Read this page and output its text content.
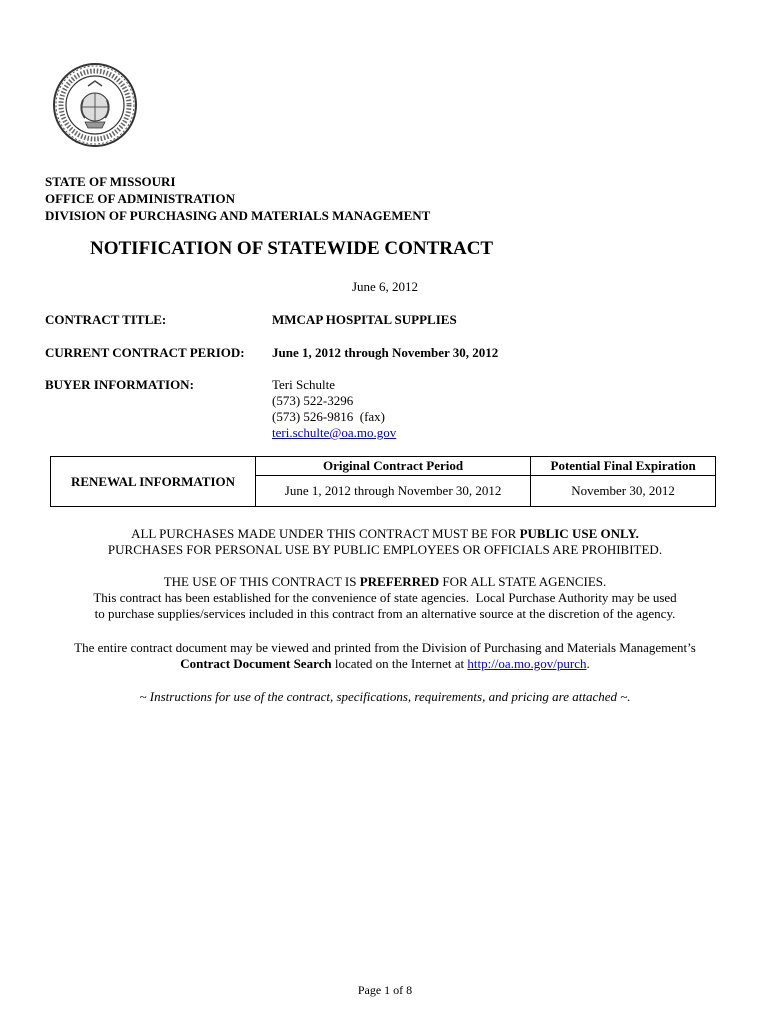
STATE OF MISSOURI
OFFICE OF ADMINISTRATION
DIVISION OF PURCHASING AND MATERIALS MANAGEMENT
NOTIFICATION OF STATEWIDE CONTRACT
June 6, 2012
CONTRACT TITLE:	MMCAP HOSPITAL SUPPLIES
CURRENT CONTRACT PERIOD: June 1, 2012 through November 30, 2012
BUYER INFORMATION:	Teri Schulte
(573) 522-3296
(573) 526-9816  (fax)
teri.schulte@oa.mo.gov
RENEWAL INFORMATION	Original Contract Period	Potential Final Expiration
	June 1, 2012 through November 30, 2012	November 30, 2012
ALL PURCHASES MADE UNDER THIS CONTRACT MUST BE FOR PUBLIC USE ONLY.
PURCHASES FOR PERSONAL USE BY PUBLIC EMPLOYEES OR OFFICIALS ARE PROHIBITED.
THE USE OF THIS CONTRACT IS PREFERRED FOR ALL STATE AGENCIES.
This contract has been established for the convenience of state agencies.  Local Purchase Authority may be used
to purchase supplies/services included in this contract from an alternative source at the discretion of the agency.
The entire contract document may be viewed and printed from the Division of Purchasing and Materials Management’s
Contract Document Search located on the Internet at http://oa.mo.gov/purch.
~ Instructions for use of the contract, specifications, requirements, and pricing are attached ~.
Page 1 of 8
